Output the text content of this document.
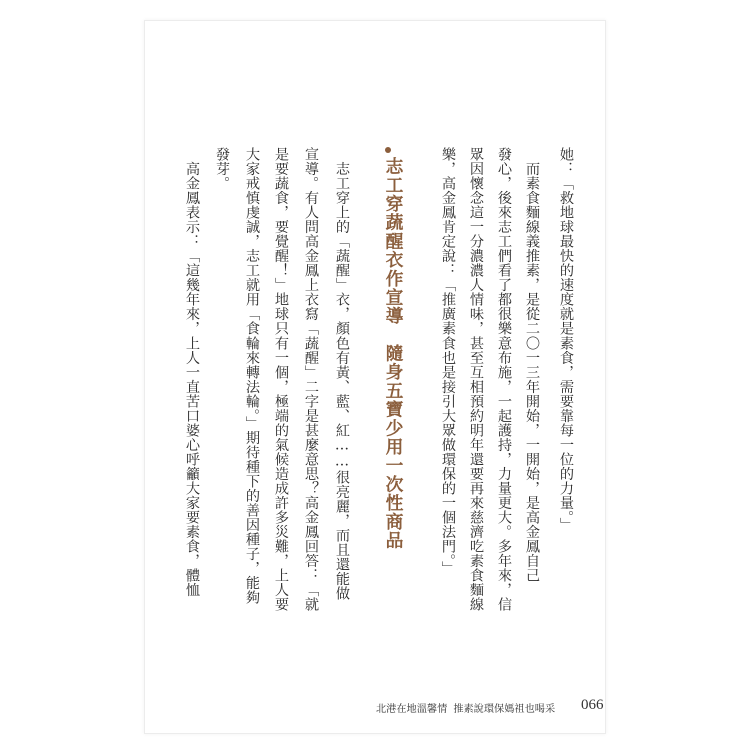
她：「救地球最快的速度就是素食，需要靠每一位的力量。」
　而素食麵線義推素，是從二〇一三年開始，一開始，是高金鳳自己
發心，後來志工們看了都很樂意布施，一起護持，力量更大。多年來，信
眾因懷念這一分濃濃人情味，甚至互相預約明年還要再來慈濟吃素食麵線
樂，高金鳳肯定說：「推廣素食也是接引大眾做環保的一個法門。」
志工穿蔬醒衣作宣導　隨身五寶少用一次性商品
　志工穿上的「蔬醒」衣，顏色有黃、藍、紅……很亮麗，而且還能做
宣導。有人問高金鳳上衣寫「蔬醒」二字是甚麼意思？高金鳳回答：「就
是要蔬食，要覺醒！」地球只有一個，極端的氣候造成許多災難，上人要
大家戒慎虔誠，志工就用「食輪來轉法輪。」期待種下的善因種子，能夠
發芽。
　高金鳳表示：「這幾年來，上人一直苦口婆心呼籲大家要素食，體恤
北港在地溫馨情 推素說環保媽祖也喝采 066
